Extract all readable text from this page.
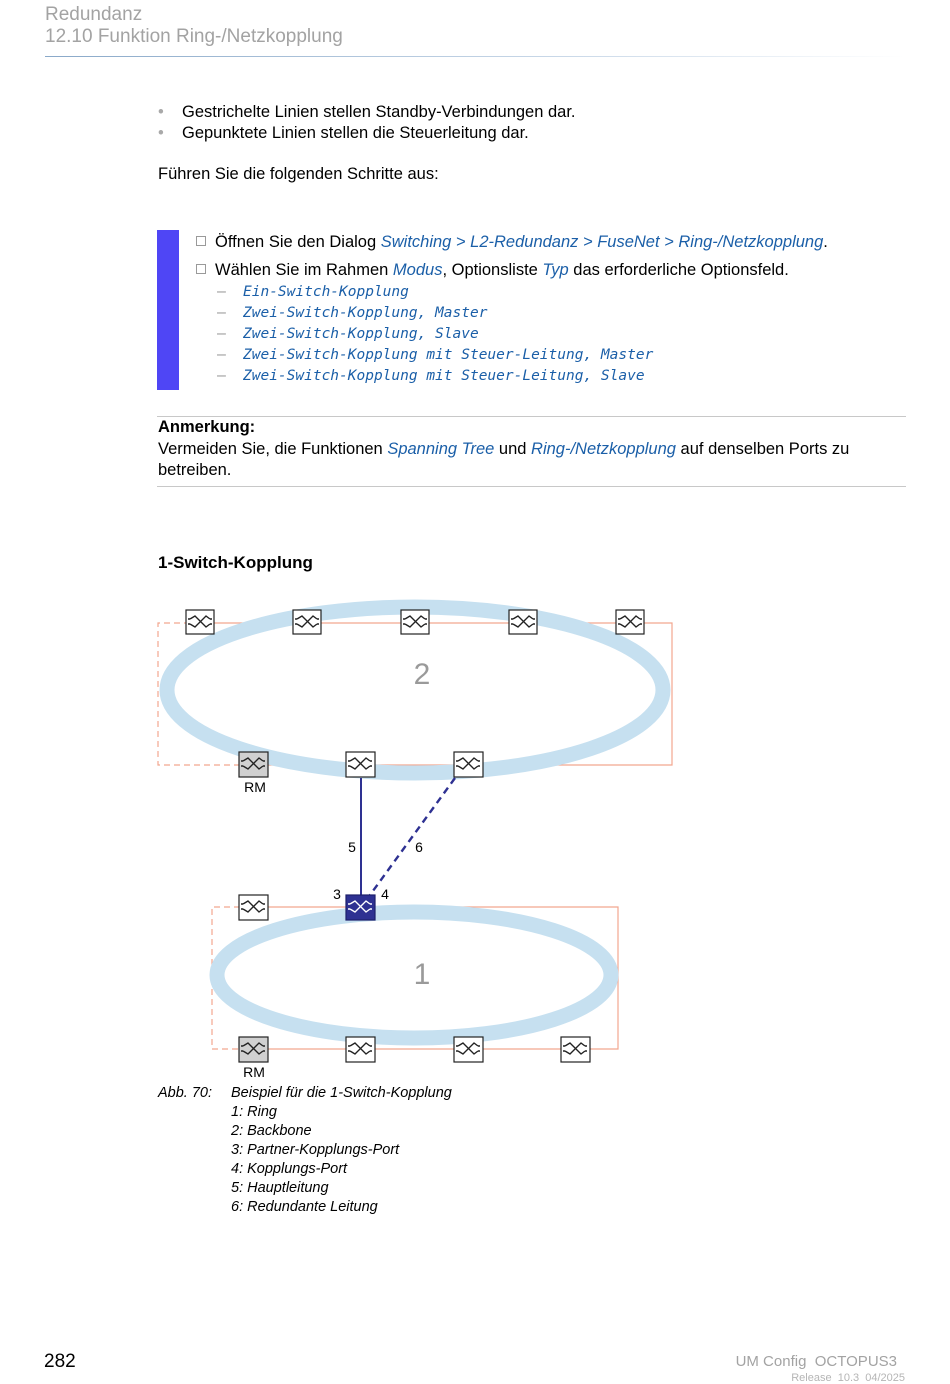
Redundanz
12.10 Funktion Ring-/Netzkopplung
• Gestrichelte Linien stellen Standby-Verbindungen dar.
• Gepunktete Linien stellen die Steuerleitung dar.
Führen Sie die folgenden Schritte aus:
Öffnen Sie den Dialog Switching > L2-Redundanz > FuseNet > Ring-/Netzkopplung.
Wählen Sie im Rahmen Modus, Optionsliste Typ das erforderliche Optionsfeld.
– Ein-Switch-Kopplung
– Zwei-Switch-Kopplung, Master
– Zwei-Switch-Kopplung, Slave
– Zwei-Switch-Kopplung mit Steuer-Leitung, Master
– Zwei-Switch-Kopplung mit Steuer-Leitung, Slave
Anmerkung:
Vermeiden Sie, die Funktionen Spanning Tree und Ring-/Netzkopplung auf denselben Ports zu betreiben.
1-Switch-Kopplung
2
1
5	6
3	4
RM
RM
Abb. 70: Beispiel für die 1-Switch-Kopplung
1: Ring
2: Backbone
3: Partner-Kopplungs-Port
4: Kopplungs-Port
5: Hauptleitung
6: Redundante Leitung
282	UM Config  OCTOPUS3
Release  10.3  04/2025
